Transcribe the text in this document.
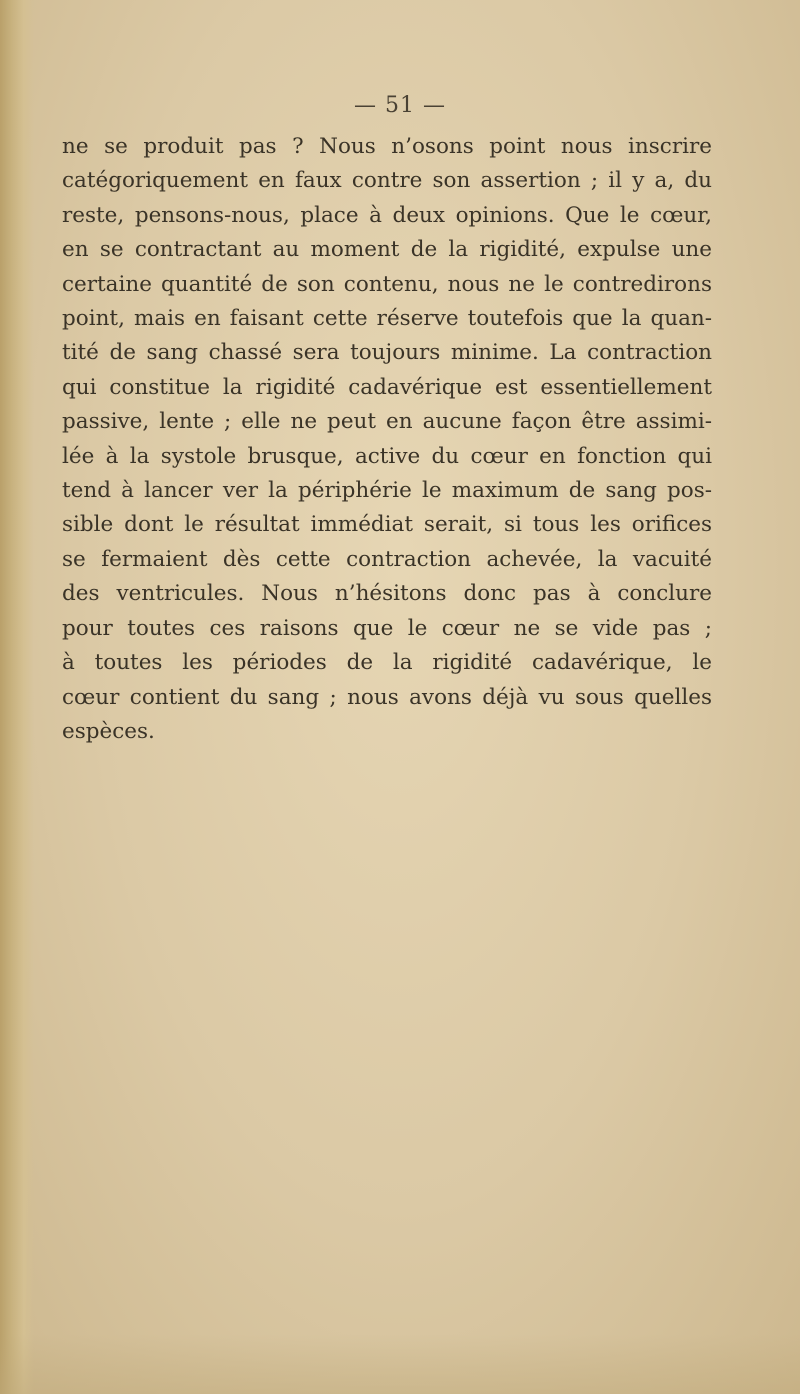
— 51 —

ne se produit pas ? Nous n’osons point nous inscrire
catégoriquement en faux contre son assertion ; il y a, du
reste, pensons-nous, place à deux opinions. Que le cœur,
en se contractant au moment de la rigidité, expulse une
certaine quantité de son contenu, nous ne le contredirons
point, mais en faisant cette réserve toutefois que la quan-
tité de sang chassé sera toujours minime. La contraction
qui constitue la rigidité cadavérique est essentiellement
passive, lente ; elle ne peut en aucune façon être assimi-
lée à la systole brusque, active du cœur en fonction qui
tend à lancer ver la périphérie le maximum de sang pos-
sible dont le résultat immédiat serait, si tous les orifices
se fermaient dès cette contraction achevée, la vacuité
des ventricules. Nous n’hésitons donc pas à conclure
pour toutes ces raisons que le cœur ne se vide pas ;
à toutes les périodes de la rigidité cadavérique, le
cœur contient du sang ; nous avons déjà vu sous quelles
espèces.
